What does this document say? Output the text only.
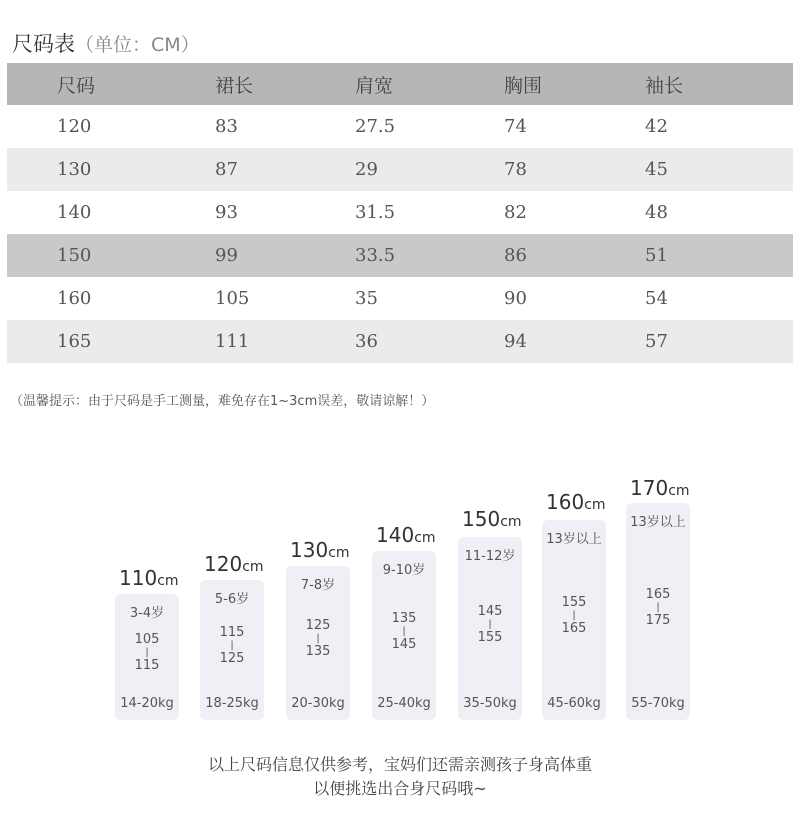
尺码表（单位：CM）
尺码	裙长	肩宽	胸围	袖长
120	83	27.5	74	42
130	87	29	78	45
140	93	31.5	82	48
150	99	33.5	86	51
160	105	35	90	54
165	111	36	94	57
（温馨提示：由于尺码是手工测量，难免存在1~3cm误差，敬请谅解！）
110cm
3-4岁
105
|
115
14-20kg
120cm
5-6岁
115
|
125
18-25kg
130cm
7-8岁
125
|
135
20-30kg
140cm
9-10岁
135
|
145
25-40kg
150cm
11-12岁
145
|
155
35-50kg
160cm
13岁以上
155
|
165
45-60kg
170cm
13岁以上
165
|
175
55-70kg
以上尺码信息仅供参考，宝妈们还需亲测孩子身高体重
以便挑选出合身尺码哦~
